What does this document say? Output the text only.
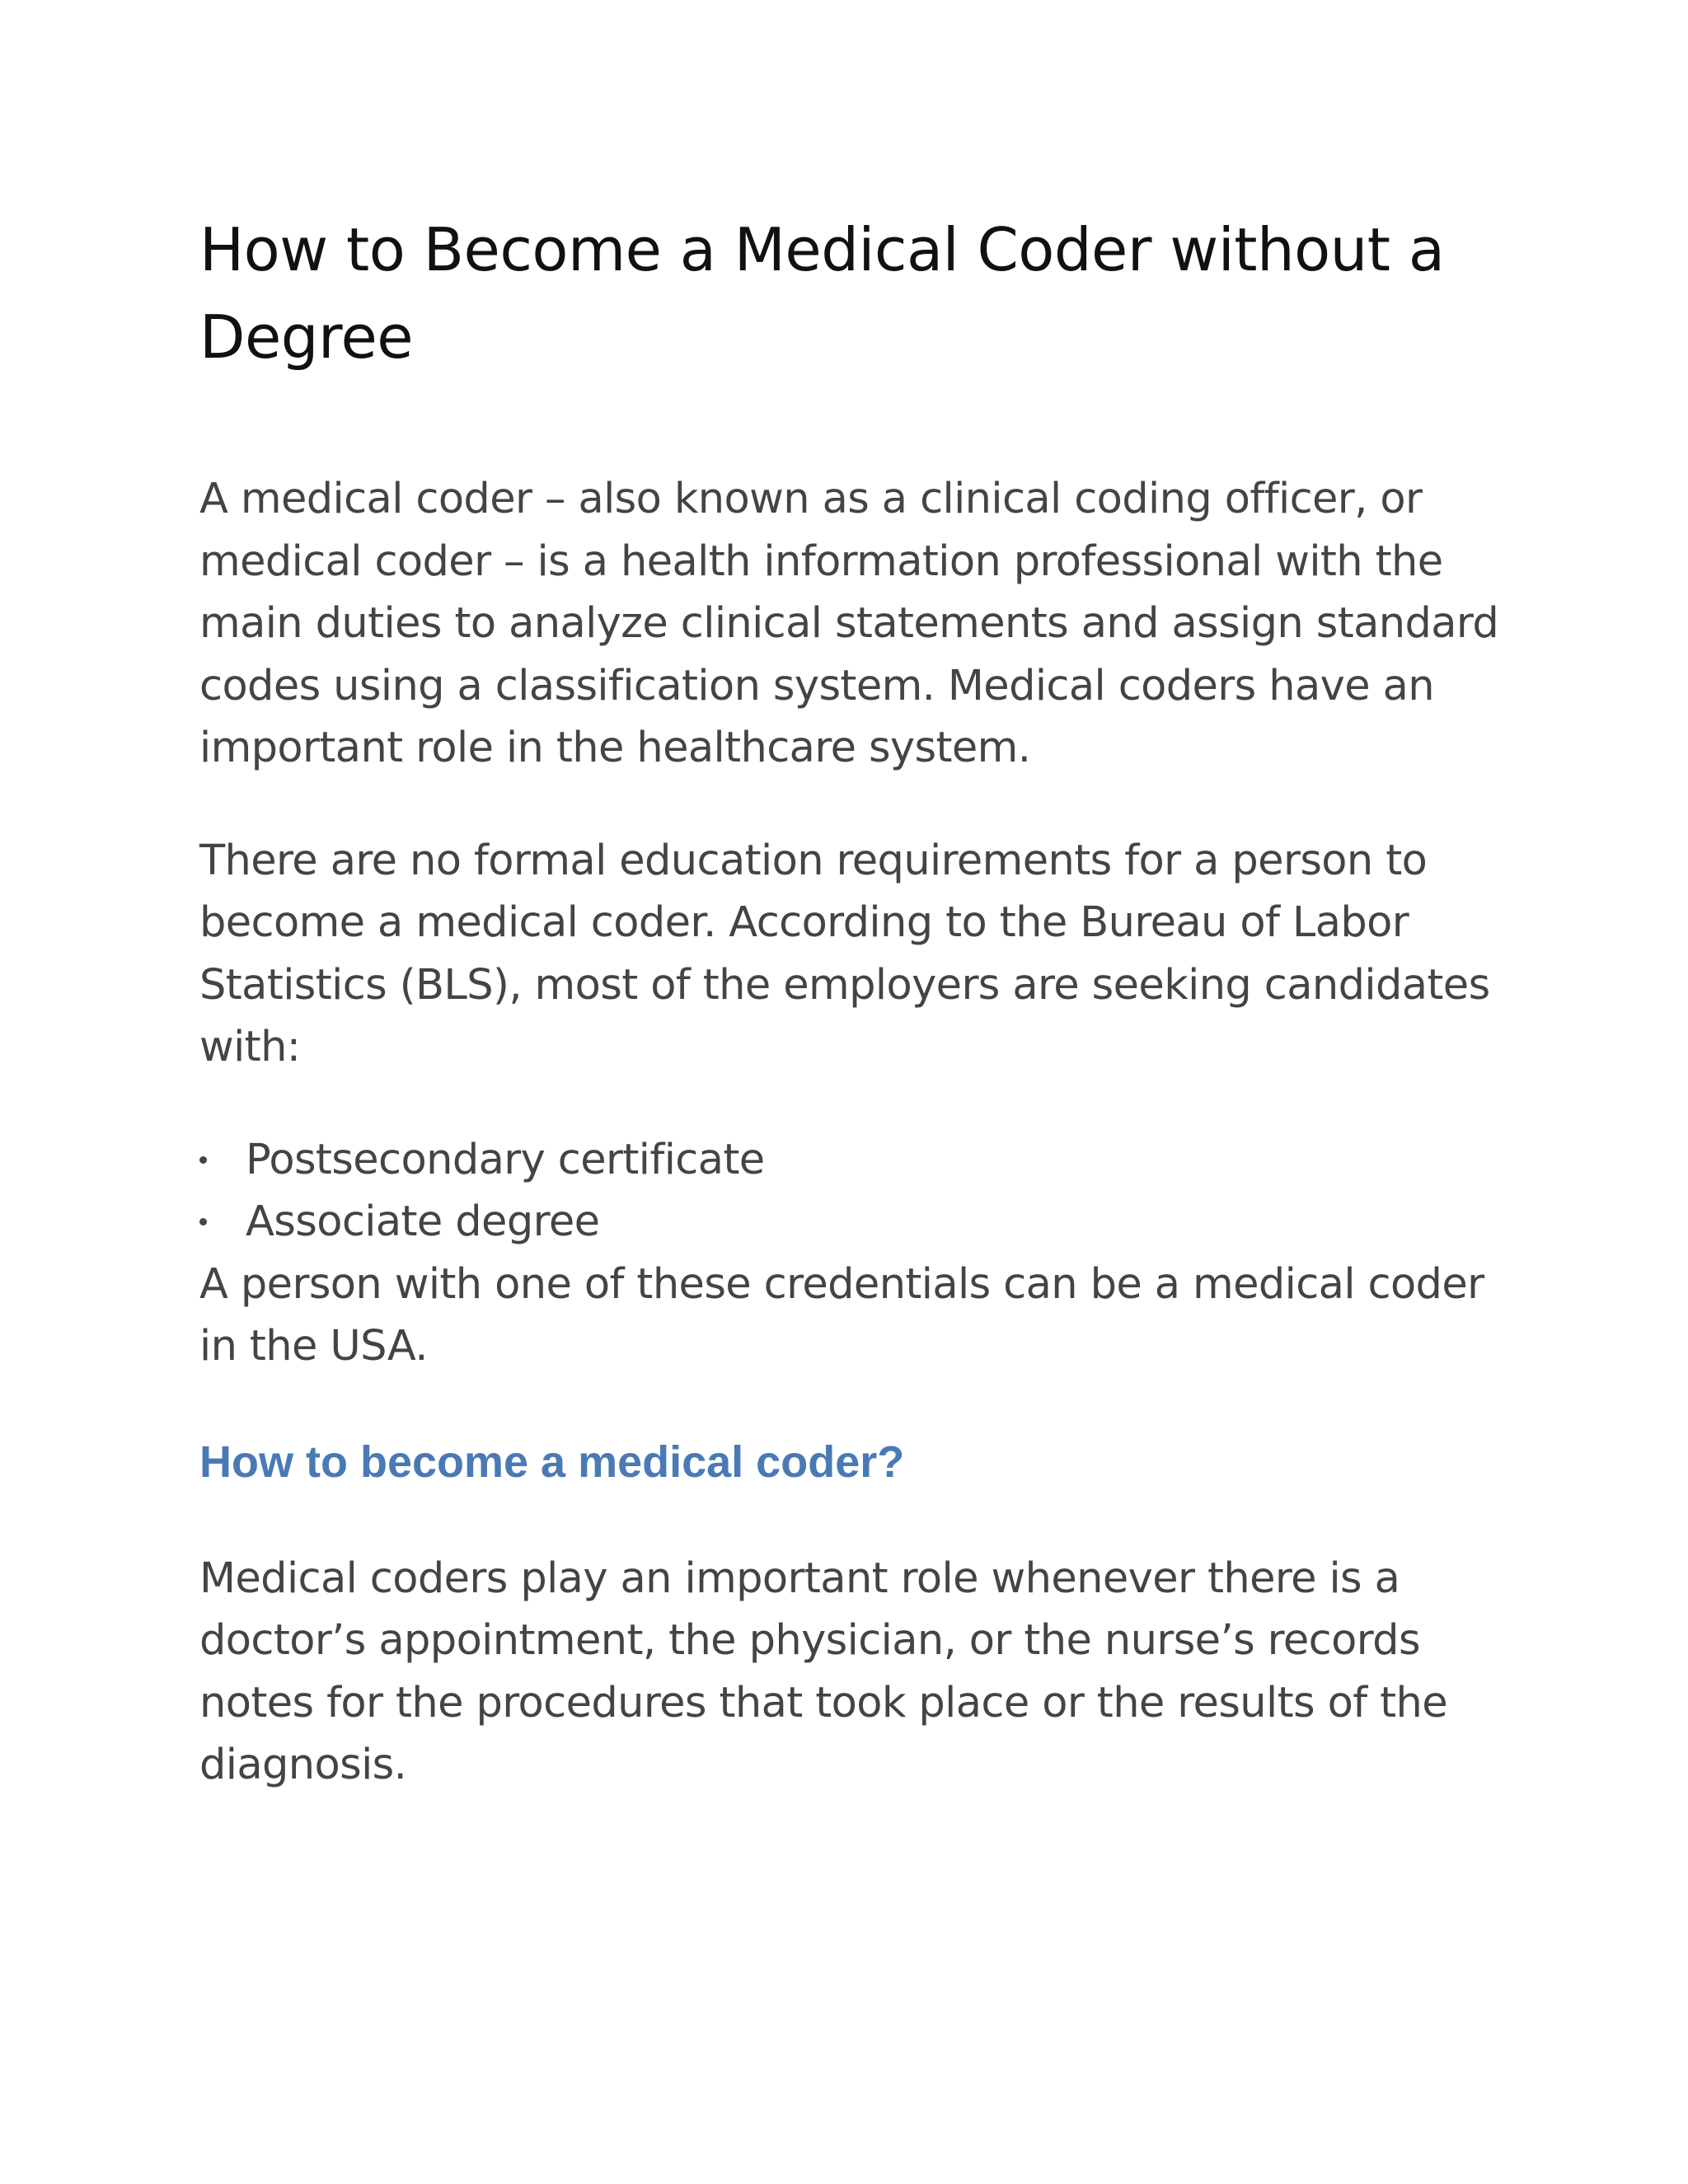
How to Become a Medical Coder without a Degree

A medical coder – also known as a clinical coding officer, or medical coder – is a health information professional with the main duties to analyze clinical statements and assign standard codes using a classification system. Medical coders have an important role in the healthcare system.

There are no formal education requirements for a person to become a medical coder. According to the Bureau of Labor Statistics (BLS), most of the employers are seeking candidates with:

Postsecondary certificate
Associate degree

A person with one of these credentials can be a medical coder in the USA.

How to become a medical coder?

Medical coders play an important role whenever there is a doctor’s appointment, the physician, or the nurse’s records notes for the procedures that took place or the results of the diagnosis.
